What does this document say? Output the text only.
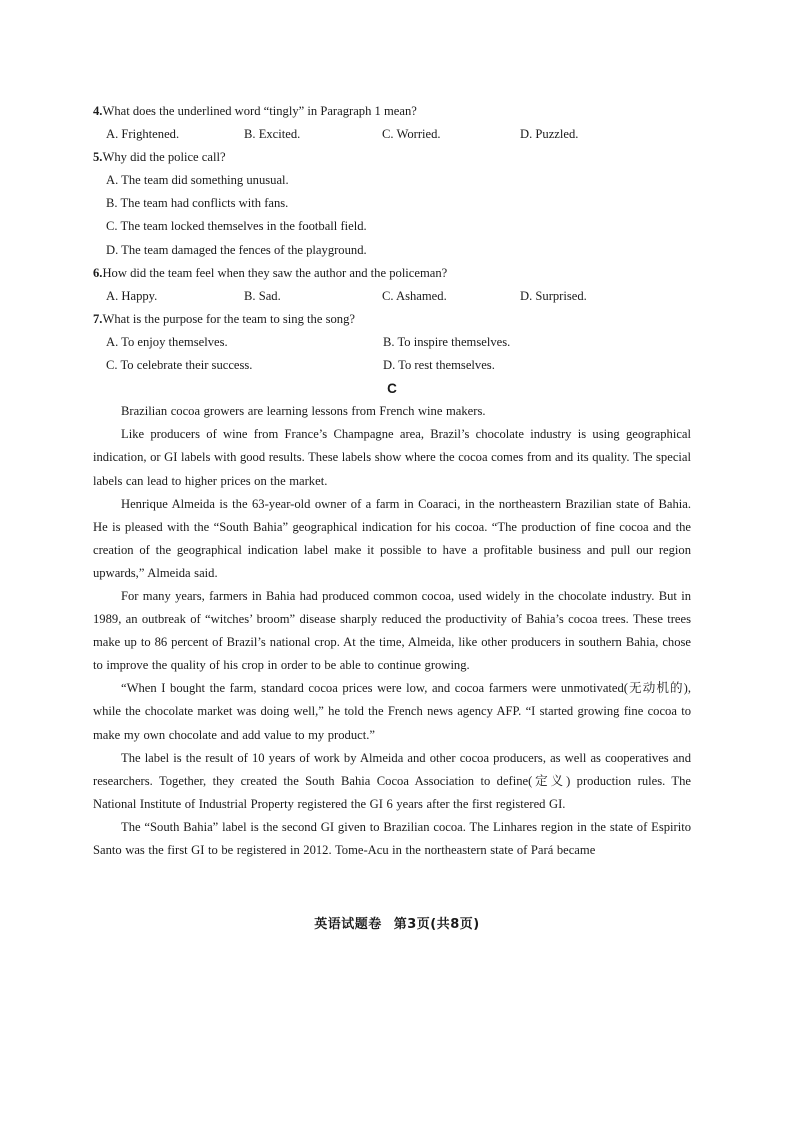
4.What does the underlined word “tingly” in Paragraph 1 mean?

A. Frightened.	B. Excited.	C. Worried.	D. Puzzled.

5.Why did the police call?

A. The team did something unusual.
B. The team had conflicts with fans.
C. The team locked themselves in the football field.
D. The team damaged the fences of the playground.

6.How did the team feel when they saw the author and the policeman?

A. Happy.	B. Sad.	C. Ashamed.	D. Surprised.

7.What is the purpose for the team to sing the song?

A. To enjoy themselves.	B. To inspire themselves.
C. To celebrate their success.	D. To rest themselves.

C

Brazilian cocoa growers are learning lessons from French wine makers.

Like producers of wine from France’s Champagne area, Brazil’s chocolate industry is using geographical indication, or GI labels with good results. These labels show where the cocoa comes from and its quality. The special labels can lead to higher prices on the market.

Henrique Almeida is the 63-year-old owner of a farm in Coaraci, in the northeastern Brazilian state of Bahia. He is pleased with the “South Bahia” geographical indication for his cocoa. “The production of fine cocoa and the creation of the geographical indication label make it possible to have a profitable business and pull our region upwards,” Almeida said.

For many years, farmers in Bahia had produced common cocoa, used widely in the chocolate industry. But in 1989, an outbreak of “witches’ broom” disease sharply reduced the productivity of Bahia’s cocoa trees. These trees make up to 86 percent of Brazil’s national crop. At the time, Almeida, like other producers in southern Bahia, chose to improve the quality of his crop in order to be able to continue growing.

“When I bought the farm, standard cocoa prices were low, and cocoa farmers were unmotivated(无动机的), while the chocolate market was doing well,” he told the French news agency AFP. “I started growing fine cocoa to make my own chocolate and add value to my product.”

The label is the result of 10 years of work by Almeida and other cocoa producers, as well as cooperatives and researchers. Together, they created the South Bahia Cocoa Association to define(定义) production rules. The National Institute of Industrial Property registered the GI 6 years after the first registered GI.

The “South Bahia” label is the second GI given to Brazilian cocoa. The Linhares region in the state of Espirito Santo was the first GI to be registered in 2012. Tome-Acu in the northeastern state of Pará became

英语试题卷 第3页(共8页)
